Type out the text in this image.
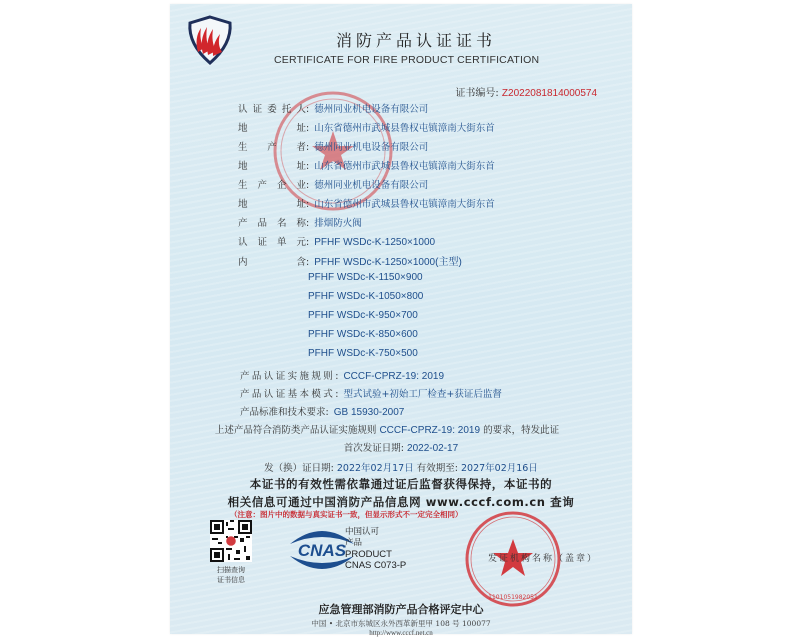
消防产品认证证书
CERTIFICATE FOR FIRE PRODUCT CERTIFICATION
证书编号: Z2022081814000574
认证委托人: 德州同业机电设备有限公司
地址: 山东省德州市武城县鲁权屯镇漳南大街东首
生产者: 德州同业机电设备有限公司
地址: 山东省德州市武城县鲁权屯镇漳南大街东首
生产企业: 德州同业机电设备有限公司
地址: 山东省德州市武城县鲁权屯镇漳南大街东首
产品名称: 排烟防火阀
认证单元: PFHF WSDc-K-1250×1000
内含: PFHF WSDc-K-1250×1000(主型)
PFHF WSDc-K-1150×900
PFHF WSDc-K-1050×800
PFHF WSDc-K-950×700
PFHF WSDc-K-850×600
PFHF WSDc-K-750×500
产品认证实施规则: CCCF-CPRZ-19: 2019
产品认证基本模式: 型式试验+初始工厂检查+获证后监督
产品标准和技术要求: GB 15930-2007
上述产品符合消防类产品认证实施规则 CCCF-CPRZ-19: 2019 的要求，特发此证
首次发证日期: 2022-02-17
发（换）证日期: 2022年02月17日 有效期至: 2027年02月16日
本证书的有效性需依靠通过证后监督获得保持，本证书的
相关信息可通过中国消防产品信息网 www.cccf.com.cn 查询
（注意：图片中的数据与真实证书一致，但显示形式不一定完全相同）
扫描查询
证书信息
CNAS
中国认可
产品
PRODUCT
CNAS C073-P
1101051982051
发证机构名称（盖章）
应急管理部消防产品合格评定中心
中国 • 北京市东城区永外西革新里甲 108 号 100077
http://www.cccf.net.cn
